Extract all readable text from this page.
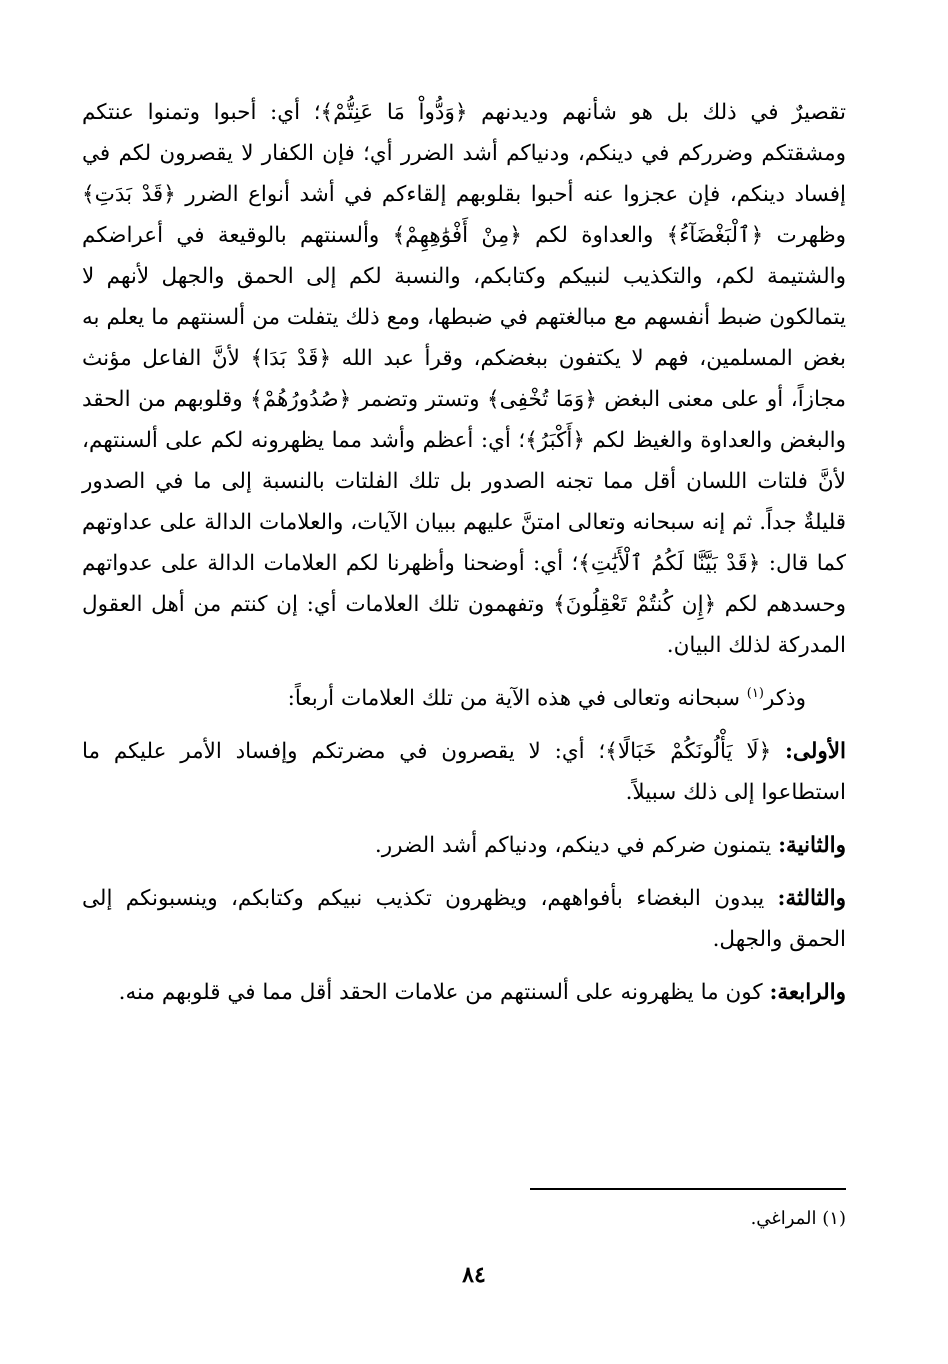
تقصيرٌ في ذلك بل هو شأنهم وديدنهم ﴿وَدُّواْ مَا عَنِتُّمْ﴾؛ أي: أحبوا وتمنوا عنتكم ومشقتكم وضرركم في دينكم، ودنياكم أشد الضرر أي؛ فإن الكفار لا يقصرون لكم في إفساد دينكم، فإن عجزوا عنه أحبوا بقلوبهم إلقاءكم في أشد أنواع الضرر ﴿قَدْ بَدَتِ﴾ وظهرت ﴿ٱلْبَغْضَآءُ﴾ والعداوة لكم ﴿مِنْ أَفْوَٰهِهِمْ﴾ وألسنتهم بالوقيعة في أعراضكم والشتيمة لكم، والتكذيب لنبيكم وكتابكم، والنسبة لكم إلى الحمق والجهل لأنهم لا يتمالكون ضبط أنفسهم مع مبالغتهم في ضبطها، ومع ذلك يتفلت من ألسنتهم ما يعلم به بغض المسلمين، فهم لا يكتفون ببغضكم، وقرأ عبد الله ﴿قَدْ بَدَا﴾ لأنَّ الفاعل مؤنث مجازاً، أو على معنى البغض ﴿وَمَا تُخْفِى﴾ وتستر وتضمر ﴿صُدُورُهُمْ﴾ وقلوبهم من الحقد والبغض والعداوة والغيظ لكم ﴿أَكْبَرُ﴾؛ أي: أعظم وأشد مما يظهرونه لكم على ألسنتهم، لأنَّ فلتات اللسان أقل مما تجنه الصدور بل تلك الفلتات بالنسبة إلى ما في الصدور قليلةٌ جداً. ثم إنه سبحانه وتعالى امتنَّ عليهم ببيان الآيات، والعلامات الدالة على عداوتهم كما قال: ﴿قَدْ بَيَّنَّا لَكُمُ ٱلْأَيَٰتِ﴾؛ أي: أوضحنا وأظهرنا لكم العلامات الدالة على عدواتهم وحسدهم لكم ﴿إِن كُنتُمْ تَعْقِلُونَ﴾ وتفهمون تلك العلامات أي: إن كنتم من أهل العقول المدركة لذلك البيان.

وذكر$^{(١)}$ سبحانه وتعالى في هذه الآية من تلك العلامات أربعاً:

الأولى: ﴿لَا يَأْلُونَكُمْ خَبَالًا﴾؛ أي: لا يقصرون في مضرتكم وإفساد الأمر عليكم ما استطاعوا إلى ذلك سبيلاً.

والثانية: يتمنون ضركم في دينكم، ودنياكم أشد الضرر.

والثالثة: يبدون البغضاء بأفواههم، ويظهرون تكذيب نبيكم وكتابكم، وينسبونكم إلى الحمق والجهل.

والرابعة: كون ما يظهرونه على ألسنتهم من علامات الحقد أقل مما في قلوبهم منه.

(١) المراغي.
٨٤
